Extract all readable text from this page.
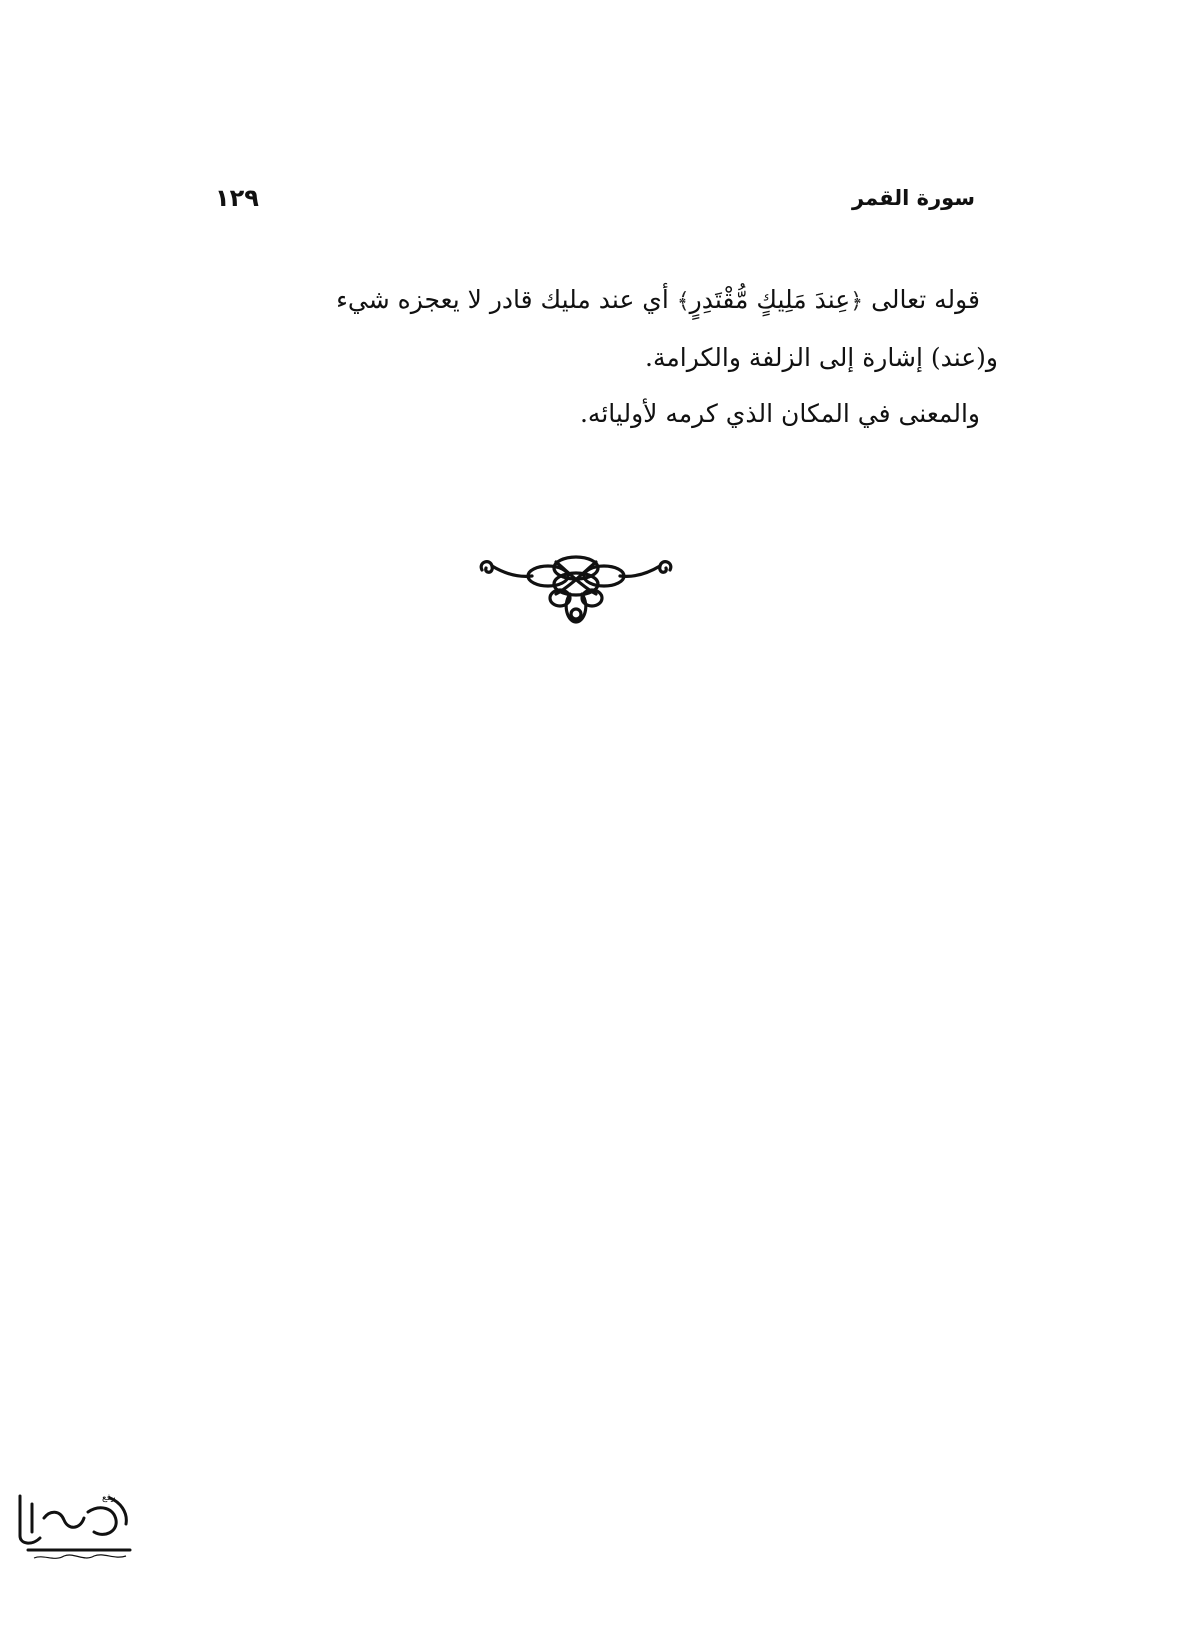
سورة القمر
١٢٩

قوله تعالى ﴿عِندَ مَلِيكٍ مُّقْتَدِرٍ﴾ أي عند مليك قادر لا يعجزه شيء

و(عند) إشارة إلى الزلفة والكرامة.

والمعنى في المكان الذي كرمه لأوليائه.

رفع
